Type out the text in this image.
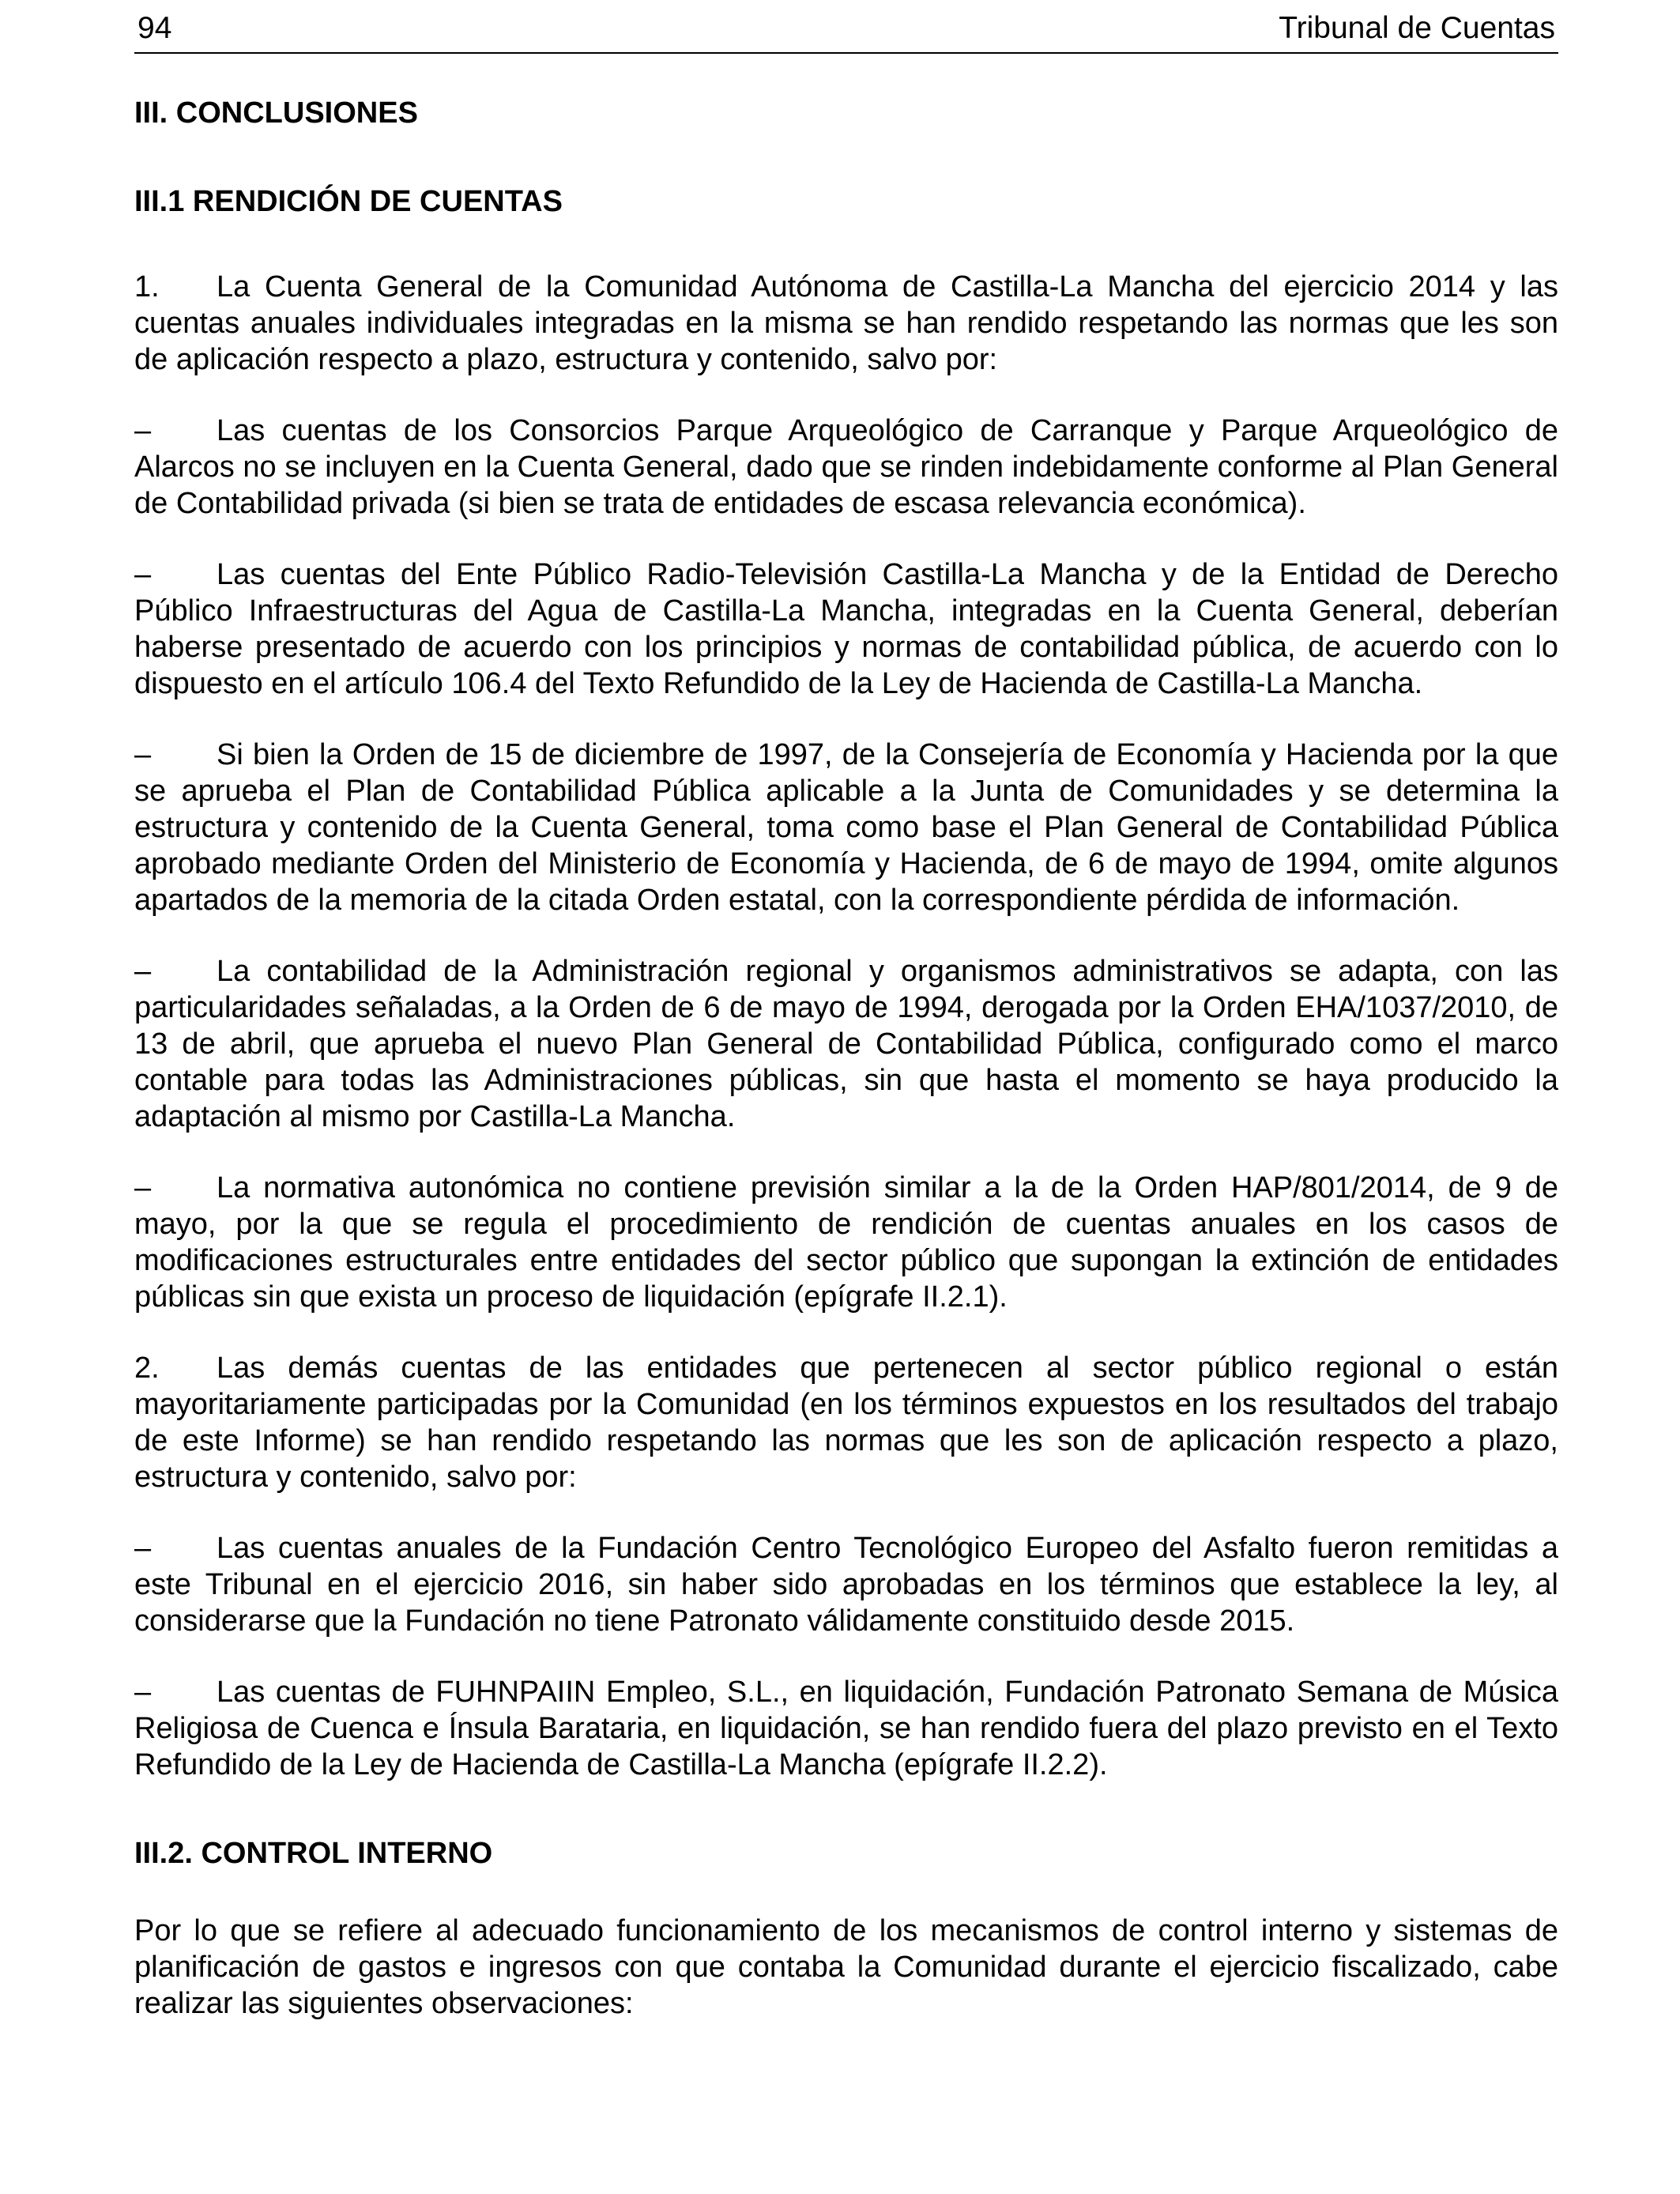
94	Tribunal de Cuentas
III. CONCLUSIONES
III.1 RENDICIÓN DE CUENTAS

1. La Cuenta General de la Comunidad Autónoma de Castilla-La Mancha del ejercicio 2014 y las cuentas anuales individuales integradas en la misma se han rendido respetando las normas que les son de aplicación respecto a plazo, estructura y contenido, salvo por:

– Las cuentas de los Consorcios Parque Arqueológico de Carranque y Parque Arqueológico de Alarcos no se incluyen en la Cuenta General, dado que se rinden indebidamente conforme al Plan General de Contabilidad privada (si bien se trata de entidades de escasa relevancia económica).

– Las cuentas del Ente Público Radio-Televisión Castilla-La Mancha y de la Entidad de Derecho Público Infraestructuras del Agua de Castilla-La Mancha, integradas en la Cuenta General, deberían haberse presentado de acuerdo con los principios y normas de contabilidad pública, de acuerdo con lo dispuesto en el artículo 106.4 del Texto Refundido de la Ley de Hacienda de Castilla-La Mancha.

– Si bien la Orden de 15 de diciembre de 1997, de la Consejería de Economía y Hacienda por la que se aprueba el Plan de Contabilidad Pública aplicable a la Junta de Comunidades y se determina la estructura y contenido de la Cuenta General, toma como base el Plan General de Contabilidad Pública aprobado mediante Orden del Ministerio de Economía y Hacienda, de 6 de mayo de 1994, omite algunos apartados de la memoria de la citada Orden estatal, con la correspondiente pérdida de información.

– La contabilidad de la Administración regional y organismos administrativos se adapta, con las particularidades señaladas, a la Orden de 6 de mayo de 1994, derogada por la Orden EHA/1037/2010, de 13 de abril, que aprueba el nuevo Plan General de Contabilidad Pública, configurado como el marco contable para todas las Administraciones públicas, sin que hasta el momento se haya producido la adaptación al mismo por Castilla-La Mancha.

– La normativa autonómica no contiene previsión similar a la de la Orden HAP/801/2014, de 9 de mayo, por la que se regula el procedimiento de rendición de cuentas anuales en los casos de modificaciones estructurales entre entidades del sector público que supongan la extinción de entidades públicas sin que exista un proceso de liquidación (epígrafe II.2.1).

2. Las demás cuentas de las entidades que pertenecen al sector público regional o están mayoritariamente participadas por la Comunidad (en los términos expuestos en los resultados del trabajo de este Informe) se han rendido respetando las normas que les son de aplicación respecto a plazo, estructura y contenido, salvo por:

– Las cuentas anuales de la Fundación Centro Tecnológico Europeo del Asfalto fueron remitidas a este Tribunal en el ejercicio 2016, sin haber sido aprobadas en los términos que establece la ley, al considerarse que la Fundación no tiene Patronato válidamente constituido desde 2015.

– Las cuentas de FUHNPAIIN Empleo, S.L., en liquidación, Fundación Patronato Semana de Música Religiosa de Cuenca e Ínsula Barataria, en liquidación, se han rendido fuera del plazo previsto en el Texto Refundido de la Ley de Hacienda de Castilla-La Mancha (epígrafe II.2.2).

III.2. CONTROL INTERNO

Por lo que se refiere al adecuado funcionamiento de los mecanismos de control interno y sistemas de planificación de gastos e ingresos con que contaba la Comunidad durante el ejercicio fiscalizado, cabe realizar las siguientes observaciones:
